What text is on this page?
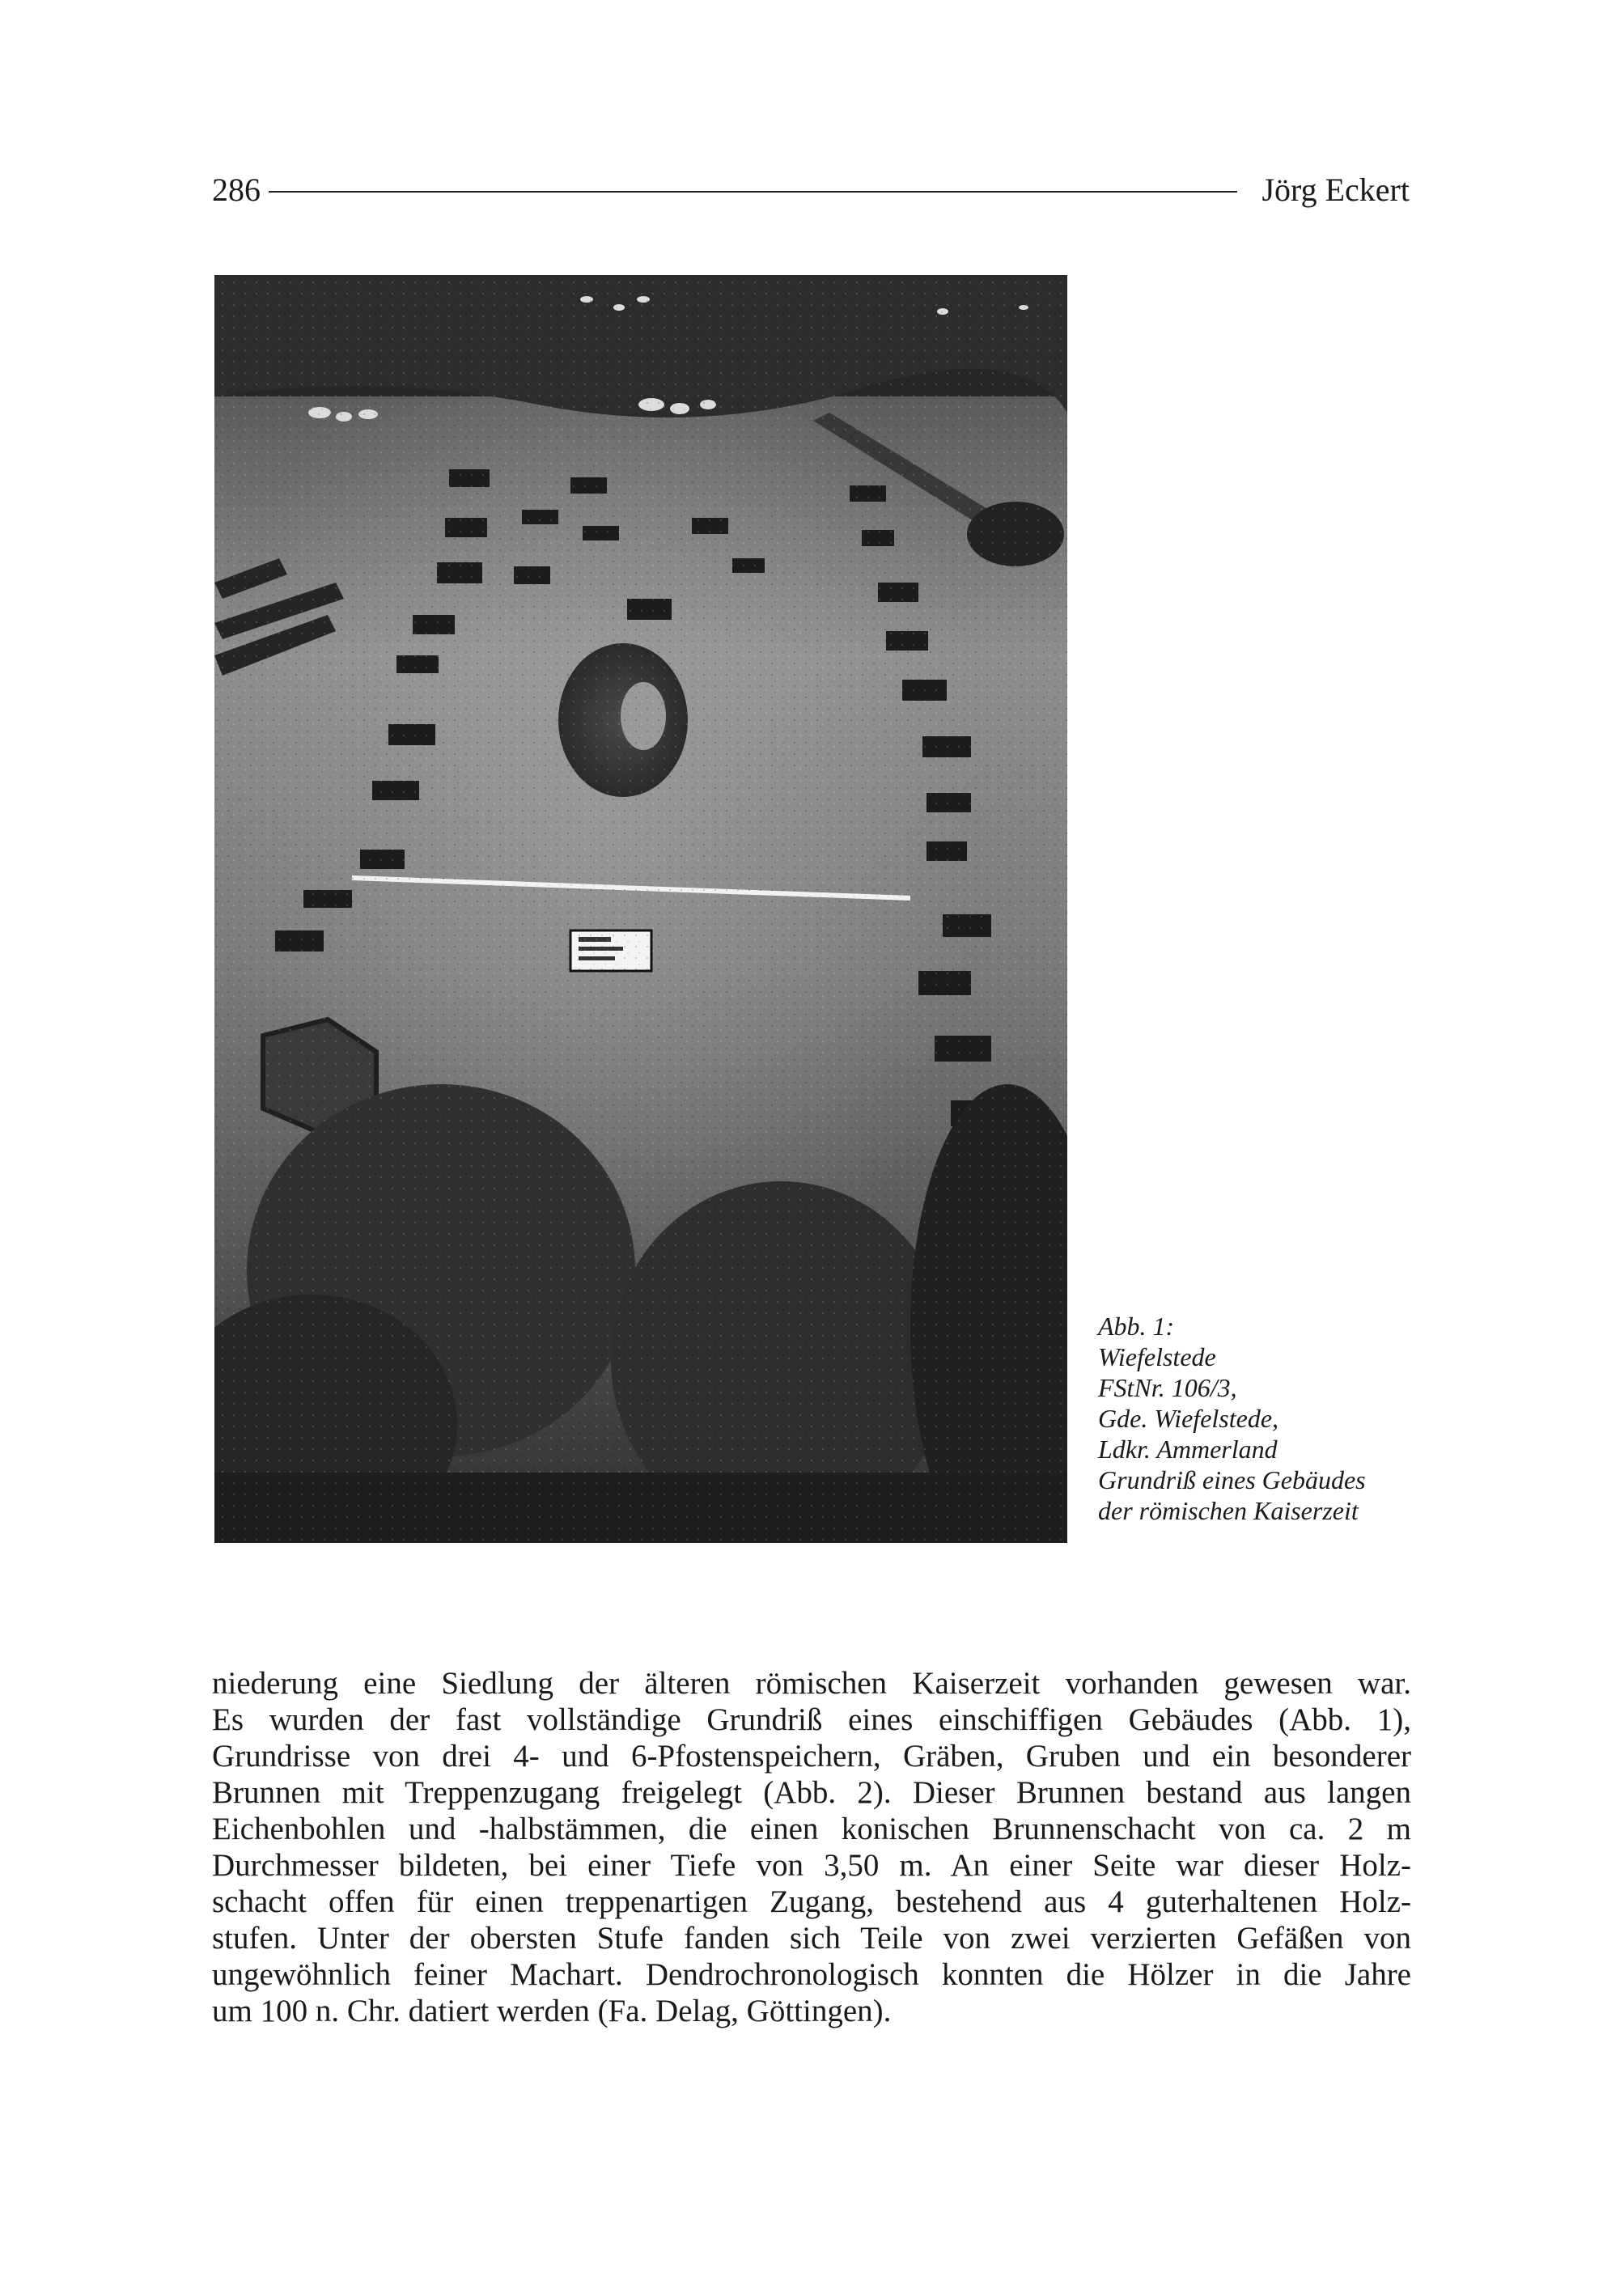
286	Jörg Eckert
Abb. 1:
Wiefelstede
FStNr. 106/3,
Gde. Wiefelstede,
Ldkr. Ammerland
Grundriß eines Gebäudes
der römischen Kaiserzeit
niederung eine Siedlung der älteren römischen Kaiserzeit vorhanden gewesen war.
Es wurden der fast vollständige Grundriß eines einschiffigen Gebäudes (Abb. 1),
Grundrisse von drei 4- und 6-Pfostenspeichern, Gräben, Gruben und ein besonderer
Brunnen mit Treppenzugang freigelegt (Abb. 2). Dieser Brunnen bestand aus langen
Eichenbohlen und -halbstämmen, die einen konischen Brunnenschacht von ca. 2 m
Durchmesser bildeten, bei einer Tiefe von 3,50 m. An einer Seite war dieser Holz-
schacht offen für einen treppenartigen Zugang, bestehend aus 4 guterhaltenen Holz-
stufen. Unter der obersten Stufe fanden sich Teile von zwei verzierten Gefäßen von
ungewöhnlich feiner Machart. Dendrochronologisch konnten die Hölzer in die Jahre
um 100 n. Chr. datiert werden (Fa. Delag, Göttingen).
